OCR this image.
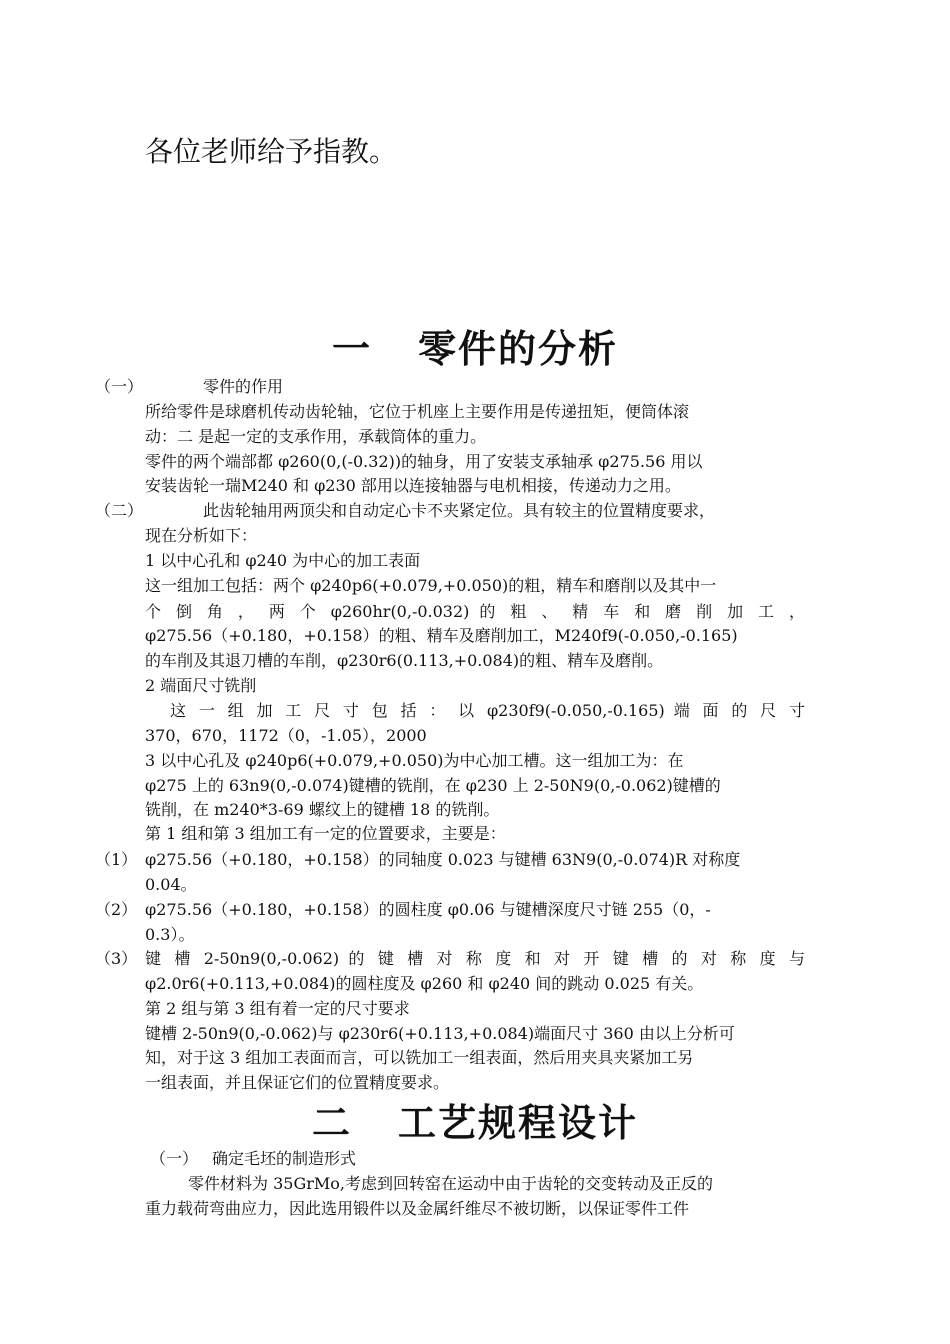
各位老师给予指教。
一 零件的分析
（一）	零件的作用
所给零件是球磨机传动齿轮轴，它位于机座上主要作用是传递扭矩，便筒体滚
动：二 是起一定的支承作用，承载筒体的重力。
零件的两个端部都 φ260(0,(-0.32))的轴身，用了安装支承轴承 φ275.56 用以
安装齿轮一瑞M240 和 φ230 部用以连接轴器与电机相接，传递动力之用。
（二）	此齿轮轴用两顶尖和自动定心卡不夹紧定位。具有较主的位置精度要求，
现在分析如下：
1 以中心孔和 φ240 为中心的加工表面
这一组加工包括：两个 φ240p6(+0.079,+0.050)的粗，精车和磨削以及其中一
个 倒 角 ， 两 个 φ260hr(0,-0.032) 的 粗 、 精 车 和 磨 削 加 工 ，
φ275.56（+0.180，+0.158）的粗、精车及磨削加工，M240f9(-0.050,-0.165)
的车削及其退刀槽的车削，φ230r6(0.113,+0.084)的粗、精车及磨削。
2 端面尺寸铣削
这 一 组 加 工 尺 寸 包 括 ： 以 φ230f9(-0.050,-0.165) 端 面 的 尺 寸
370，670，1172（0，-1.05），2000
3 以中心孔及 φ240p6(+0.079,+0.050)为中心加工槽。这一组加工为：在
φ275 上的 63n9(0,-0.074)键槽的铣削，在 φ230 上 2-50N9(0,-0.062)键槽的
铣削，在 m240*3-69 螺纹上的键槽 18 的铣削。
第 1 组和第 3 组加工有一定的位置要求，主要是：
（1） φ275.56（+0.180，+0.158）的同轴度 0.023 与键槽 63N9(0,-0.074)R 对称度
0.04。
（2） φ275.56（+0.180，+0.158）的圆柱度 φ0.06 与键槽深度尺寸链 255（0，-
0.3）。
（3） 键 槽 2-50n9(0,-0.062) 的 键 槽 对 称 度 和 对 开 键 槽 的 对 称 度 与
φ2.0r6(+0.113,+0.084)的圆柱度及 φ260 和 φ240 间的跳动 0.025 有关。
第 2 组与第 3 组有着一定的尺寸要求
键槽 2-50n9(0,-0.062)与 φ230r6(+0.113,+0.084)端面尺寸 360 由以上分析可
知，对于这 3 组加工表面而言，可以铣加工一组表面，然后用夹具夹紧加工另
一组表面，并且保证它们的位置精度要求。
二 工艺规程设计
（一） 确定毛坯的制造形式
零件材料为 35GrMo,考虑到回转窑在运动中由于齿轮的交变转动及正反的
重力载荷弯曲应力，因此选用锻件以及金属纤维尽不被切断，以保证零件工件
